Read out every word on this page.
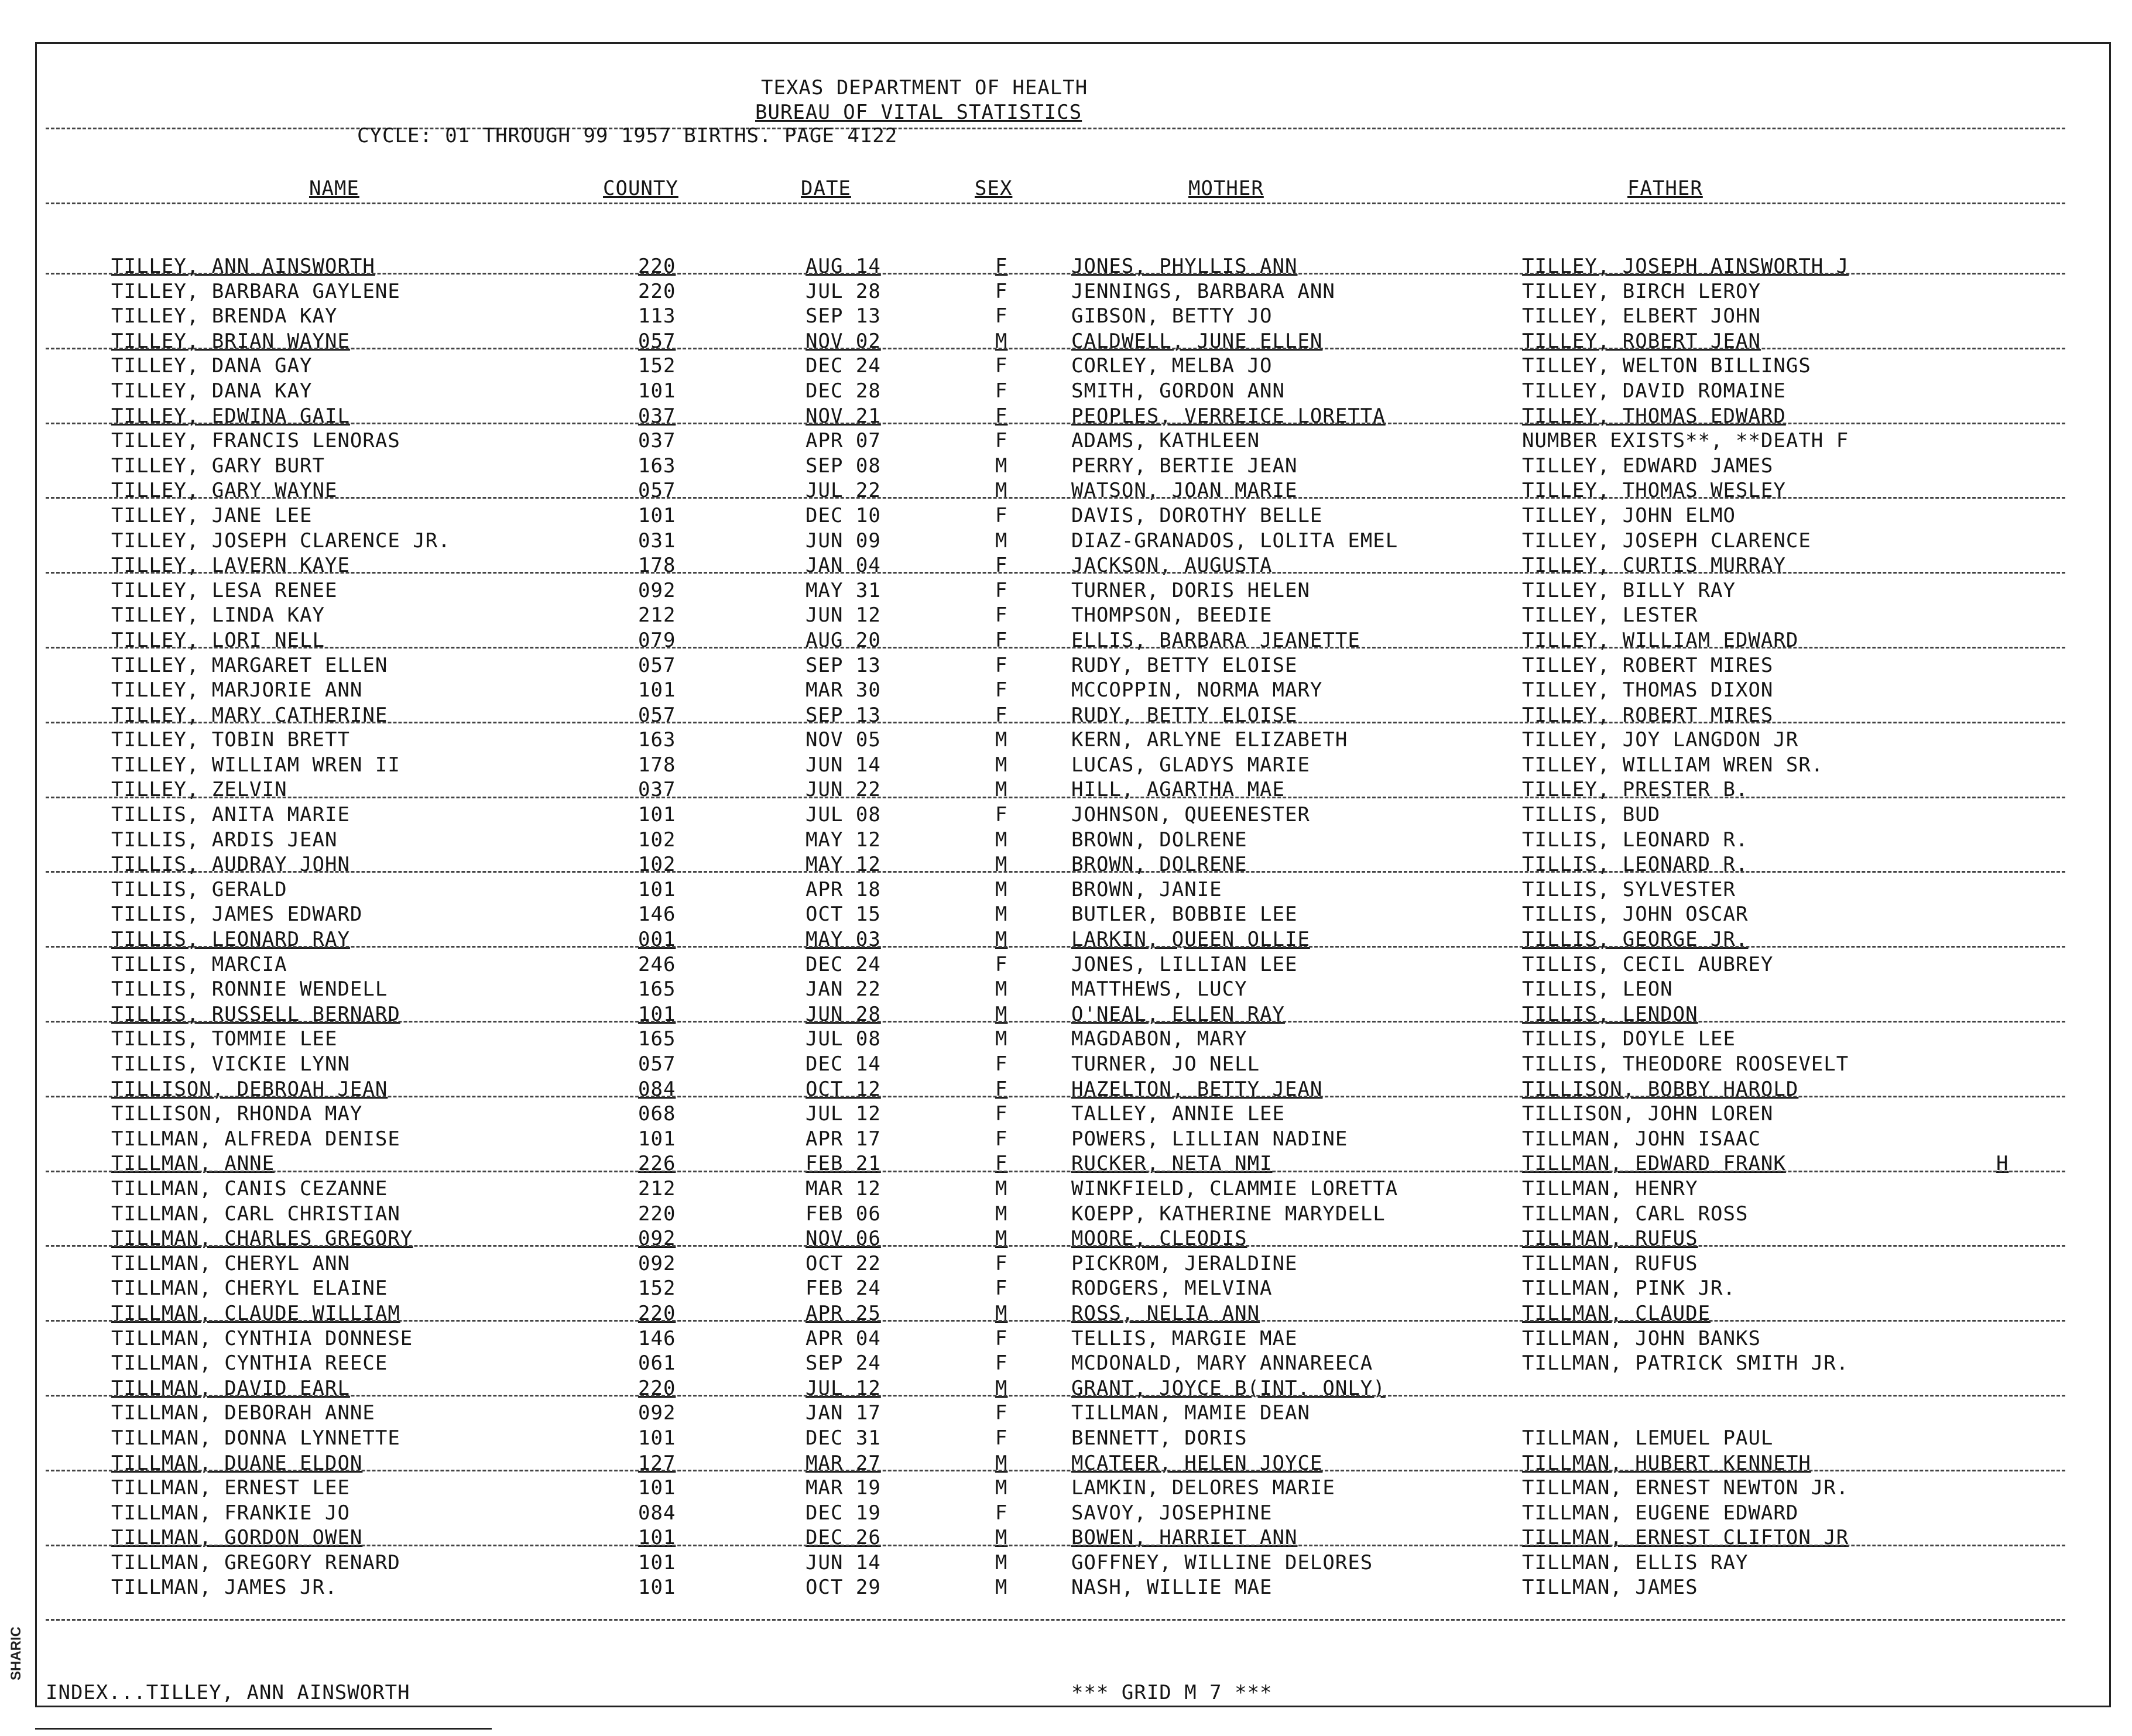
SHARIC
TEXAS DEPARTMENT OF HEALTH
BUREAU OF VITAL STATISTICS
CYCLE: 01 THROUGH 99 1957 BIRTHS. PAGE 4122
NAME	COUNTY	DATE	SEX	MOTHER	FATHER
TILLEY, ANN AINSWORTH	220	AUG 14	F	JONES, PHYLLIS ANN	TILLEY, JOSEPH AINSWORTH J
TILLEY, BARBARA GAYLENE	220	JUL 28	F	JENNINGS, BARBARA ANN	TILLEY, BIRCH LEROY
TILLEY, BRENDA KAY	113	SEP 13	F	GIBSON, BETTY JO	TILLEY, ELBERT JOHN
TILLEY, BRIAN WAYNE	057	NOV 02	M	CALDWELL, JUNE ELLEN	TILLEY, ROBERT JEAN
TILLEY, DANA GAY	152	DEC 24	F	CORLEY, MELBA JO	TILLEY, WELTON BILLINGS
TILLEY, DANA KAY	101	DEC 28	F	SMITH, GORDON ANN	TILLEY, DAVID ROMAINE
TILLEY, EDWINA GAIL	037	NOV 21	F	PEOPLES, VERREICE LORETTA	TILLEY, THOMAS EDWARD
TILLEY, FRANCIS LENORAS	037	APR 07	F	ADAMS, KATHLEEN	NUMBER EXISTS**, **DEATH F
TILLEY, GARY BURT	163	SEP 08	M	PERRY, BERTIE JEAN	TILLEY, EDWARD JAMES
TILLEY, GARY WAYNE	057	JUL 22	M	WATSON, JOAN MARIE	TILLEY, THOMAS WESLEY
TILLEY, JANE LEE	101	DEC 10	F	DAVIS, DOROTHY BELLE	TILLEY, JOHN ELMO
TILLEY, JOSEPH CLARENCE JR.	031	JUN 09	M	DIAZ-GRANADOS, LOLITA EMEL	TILLEY, JOSEPH CLARENCE
TILLEY, LAVERN KAYE	178	JAN 04	F	JACKSON, AUGUSTA	TILLEY, CURTIS MURRAY
TILLEY, LESA RENEE	092	MAY 31	F	TURNER, DORIS HELEN	TILLEY, BILLY RAY
TILLEY, LINDA KAY	212	JUN 12	F	THOMPSON, BEEDIE	TILLEY, LESTER
TILLEY, LORI NELL	079	AUG 20	F	ELLIS, BARBARA JEANETTE	TILLEY, WILLIAM EDWARD
TILLEY, MARGARET ELLEN	057	SEP 13	F	RUDY, BETTY ELOISE	TILLEY, ROBERT MIRES
TILLEY, MARJORIE ANN	101	MAR 30	F	MCCOPPIN, NORMA MARY	TILLEY, THOMAS DIXON
TILLEY, MARY CATHERINE	057	SEP 13	F	RUDY, BETTY ELOISE	TILLEY, ROBERT MIRES
TILLEY, TOBIN BRETT	163	NOV 05	M	KERN, ARLYNE ELIZABETH	TILLEY, JOY LANGDON JR
TILLEY, WILLIAM WREN II	178	JUN 14	M	LUCAS, GLADYS MARIE	TILLEY, WILLIAM WREN SR.
TILLEY, ZELVIN	037	JUN 22	M	HILL, AGARTHA MAE	TILLEY, PRESTER B.
TILLIS, ANITA MARIE	101	JUL 08	F	JOHNSON, QUEENESTER	TILLIS, BUD
TILLIS, ARDIS JEAN	102	MAY 12	M	BROWN, DOLRENE	TILLIS, LEONARD R.
TILLIS, AUDRAY JOHN	102	MAY 12	M	BROWN, DOLRENE	TILLIS, LEONARD R.
TILLIS, GERALD	101	APR 18	M	BROWN, JANIE	TILLIS, SYLVESTER
TILLIS, JAMES EDWARD	146	OCT 15	M	BUTLER, BOBBIE LEE	TILLIS, JOHN OSCAR
TILLIS, LEONARD RAY	001	MAY 03	M	LARKIN, QUEEN OLLIE	TILLIS, GEORGE JR.
TILLIS, MARCIA	246	DEC 24	F	JONES, LILLIAN LEE	TILLIS, CECIL AUBREY
TILLIS, RONNIE WENDELL	165	JAN 22	M	MATTHEWS, LUCY	TILLIS, LEON
TILLIS, RUSSELL BERNARD	101	JUN 28	M	O'NEAL, ELLEN RAY	TILLIS, LENDON
TILLIS, TOMMIE LEE	165	JUL 08	M	MAGDABON, MARY	TILLIS, DOYLE LEE
TILLIS, VICKIE LYNN	057	DEC 14	F	TURNER, JO NELL	TILLIS, THEODORE ROOSEVELT
TILLISON, DEBROAH JEAN	084	OCT 12	F	HAZELTON, BETTY JEAN	TILLISON, BOBBY HAROLD
TILLISON, RHONDA MAY	068	JUL 12	F	TALLEY, ANNIE LEE	TILLISON, JOHN LOREN
TILLMAN, ALFREDA DENISE	101	APR 17	F	POWERS, LILLIAN NADINE	TILLMAN, JOHN ISAAC
TILLMAN, ANNE	226	FEB 21	F	RUCKER, NETA NMI	TILLMAN, EDWARD FRANK	H
TILLMAN, CANIS CEZANNE	212	MAR 12	M	WINKFIELD, CLAMMIE LORETTA	TILLMAN, HENRY
TILLMAN, CARL CHRISTIAN	220	FEB 06	M	KOEPP, KATHERINE MARYDELL	TILLMAN, CARL ROSS
TILLMAN, CHARLES GREGORY	092	NOV 06	M	MOORE, CLEODIS	TILLMAN, RUFUS
TILLMAN, CHERYL ANN	092	OCT 22	F	PICKROM, JERALDINE	TILLMAN, RUFUS
TILLMAN, CHERYL ELAINE	152	FEB 24	F	RODGERS, MELVINA	TILLMAN, PINK JR.
TILLMAN, CLAUDE WILLIAM	220	APR 25	M	ROSS, NELIA ANN	TILLMAN, CLAUDE
TILLMAN, CYNTHIA DONNESE	146	APR 04	F	TELLIS, MARGIE MAE	TILLMAN, JOHN BANKS
TILLMAN, CYNTHIA REECE	061	SEP 24	F	MCDONALD, MARY ANNAREECA	TILLMAN, PATRICK SMITH JR.
TILLMAN, DAVID EARL	220	JUL 12	M	GRANT, JOYCE B(INT. ONLY)
TILLMAN, DEBORAH ANNE	092	JAN 17	F	TILLMAN, MAMIE DEAN
TILLMAN, DONNA LYNNETTE	101	DEC 31	F	BENNETT, DORIS	TILLMAN, LEMUEL PAUL
TILLMAN, DUANE ELDON	127	MAR 27	M	MCATEER, HELEN JOYCE	TILLMAN, HUBERT KENNETH
TILLMAN, ERNEST LEE	101	MAR 19	M	LAMKIN, DELORES MARIE	TILLMAN, ERNEST NEWTON JR.
TILLMAN, FRANKIE JO	084	DEC 19	F	SAVOY, JOSEPHINE	TILLMAN, EUGENE EDWARD
TILLMAN, GORDON OWEN	101	DEC 26	M	BOWEN, HARRIET ANN	TILLMAN, ERNEST CLIFTON JR
TILLMAN, GREGORY RENARD	101	JUN 14	M	GOFFNEY, WILLINE DELORES	TILLMAN, ELLIS RAY
TILLMAN, JAMES JR.	101	OCT 29	M	NASH, WILLIE MAE	TILLMAN, JAMES
INDEX...TILLEY, ANN AINSWORTH	*** GRID M 7 ***
